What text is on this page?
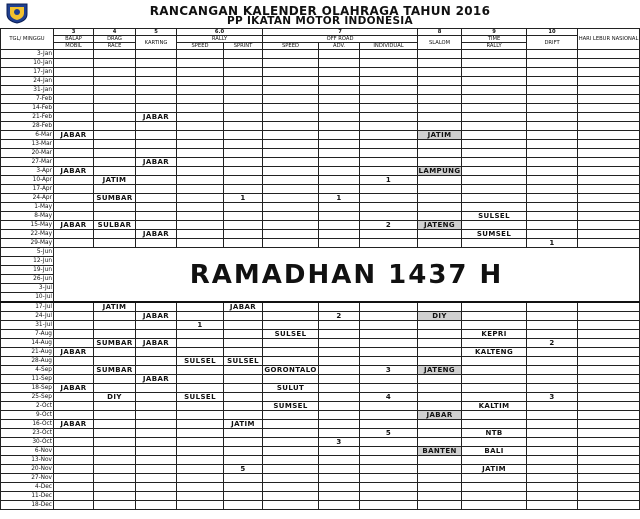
RANCANGAN KALENDER OLAHRAGA TAHUN 2016
PP IKATAN MOTOR INDONESIA
TGL/ MINGGU	3	4	5	6.0		7			8	9	10	HARI LEBUR NASIONAL	
	BALAP	DRAG	KARTING	RALLY		OFF ROAD			SLALOM	TIME	DRIFT		
	MOBIL	RACE		SPEED	SPRINT	SPEED	ADV.	INDIVIDUAL		RALLY			
3-Jan													
10-Jan													
17-Jan													
24-Jan													
31-Jan													
7-Feb													
14-Feb													
21-Feb			JABAR										
28-Feb													
6-Mar	JABAR								JATIM				
13-Mar													
20-Mar													
27-Mar			JABAR										
3-Apr	JABAR								LAMPUNG				
10-Apr		JATIM						1					
17-Apr													
24-Apr		SUMBAR			1		1						
1-May													
8-May										SULSEL			
15-May	JABAR	SULBAR						2	JATENG				
22-May			JABAR							SUMSEL			
29-May											1		
5-Jun	RAMADHAN 1437 H												
12-Jun													
19-Jun													
26-Jun													
3-Jul													
10-Jul													
17-Jul		JATIM			JABAR								
24-Jul			JABAR				2		DIY				
31-Jul				1									
7-Aug						SULSEL				KEPRI			
14-Aug		SUMBAR	JABAR								2		
21-Aug	JABAR									KALTENG			
28-Aug				SULSEL	SULSEL								
4-Sep		SUMBAR				GORONTALO		3	JATENG				
11-Sep			JABAR										
18-Sep	JABAR					SULUT							
25-Sep		DIY		SULSEL				4			3		
2-Oct						SUMSEL				KALTIM			
9-Oct									JABAR				
16-Oct	JABAR				JATIM								
23-Oct								5		NTB			
30-Oct							3						
6-Nov									BANTEN	BALI			
13-Nov													
20-Nov					5					JATIM			
27-Nov													
4-Dec													
11-Dec													
18-Dec													
